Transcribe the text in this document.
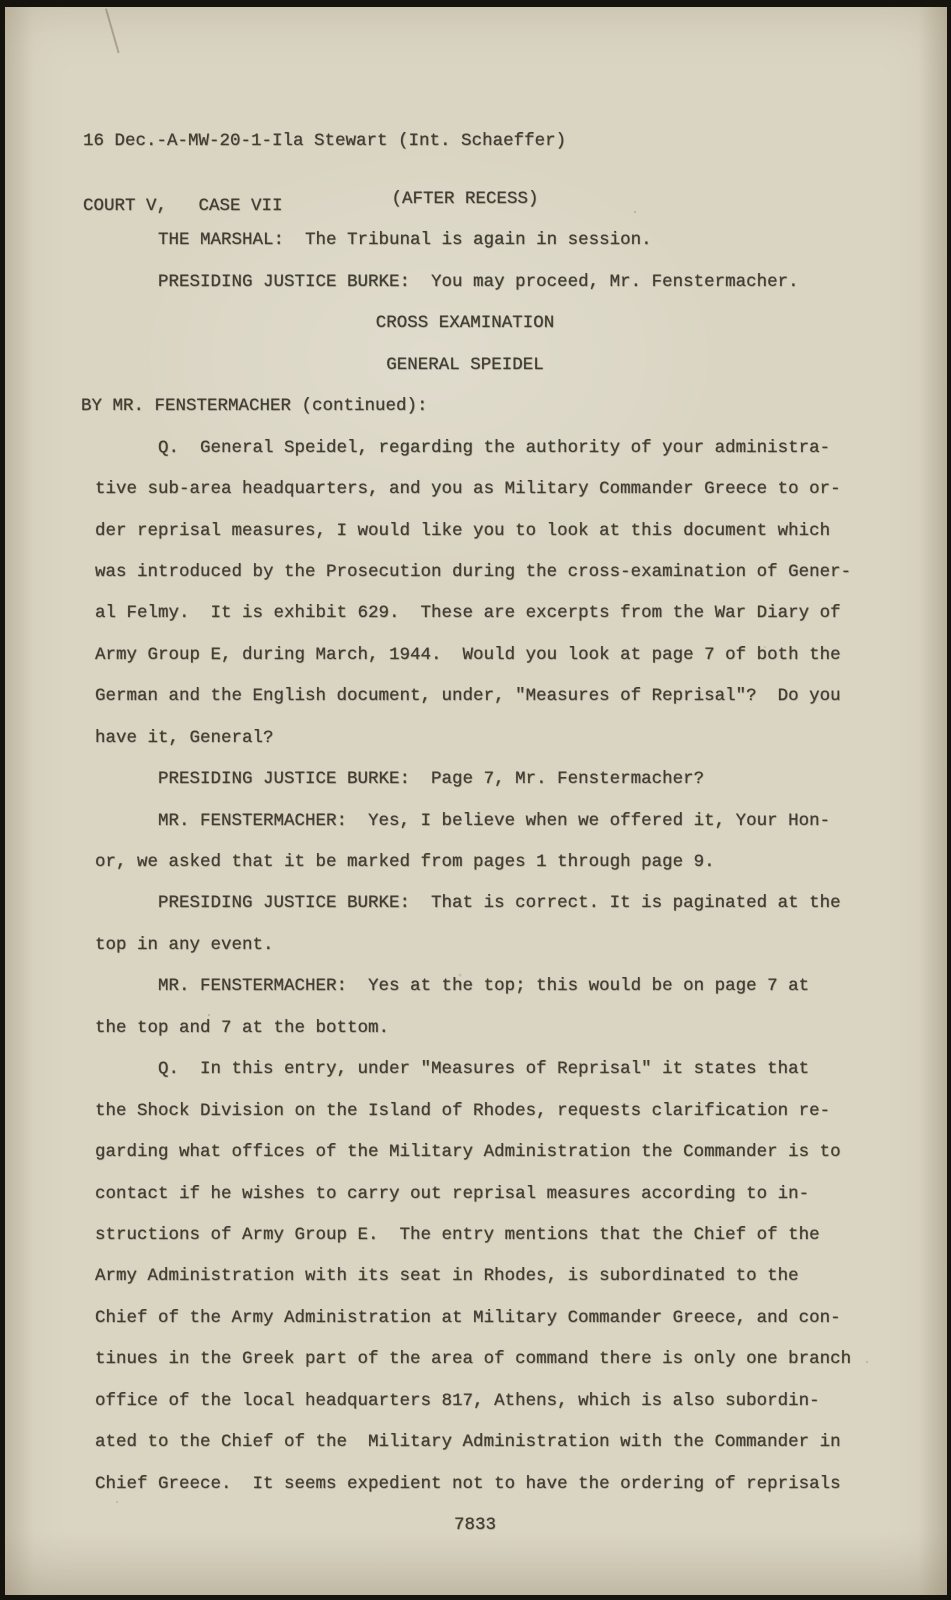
16 Dec.-A-MW-20-1-Ila Stewart (Int. Schaeffer)

COURT V,   CASE VII

	(AFTER RECESS)
THE MARSHAL:  The Tribunal is again in session.
PRESIDING JUSTICE BURKE:  You may proceed, Mr. Fenstermacher.
CROSS EXAMINATION
GENERAL SPEIDEL
BY MR. FENSTERMACHER (continued):
Q.  General Speidel, regarding the authority of your administra-
tive sub-area headquarters, and you as Military Commander Greece to or-
der reprisal measures, I would like you to look at this document which
was introduced by the Prosecution during the cross-examination of Gener-
al Felmy.  It is exhibit 629.  These are excerpts from the War Diary of
Army Group E, during March, 1944.  Would you look at page 7 of both the
German and the English document, under, "Measures of Reprisal"?  Do you
have it, General?
PRESIDING JUSTICE BURKE:  Page 7, Mr. Fenstermacher?
MR. FENSTERMACHER:  Yes, I believe when we offered it, Your Hon-
or, we asked that it be marked from pages 1 through page 9.
PRESIDING JUSTICE BURKE:  That is correct. It is paginated at the
top in any event.
MR. FENSTERMACHER:  Yes at the top; this would be on page 7 at
the top and 7 at the bottom.
Q.  In this entry, under "Measures of Reprisal" it states that
the Shock Division on the Island of Rhodes, requests clarification re-
garding what offices of the Military Administration the Commander is to
contact if he wishes to carry out reprisal measures according to in-
structions of Army Group E.  The entry mentions that the Chief of the
Army Administration with its seat in Rhodes, is subordinated to the
Chief of the Army Administration at Military Commander Greece, and con-
tinues in the Greek part of the area of command there is only one branch
office of the local headquarters 817, Athens, which is also subordin-
ated to the Chief of the  Military Administration with the Commander in
Chief Greece.  It seems expedient not to have the ordering of reprisals
7833
